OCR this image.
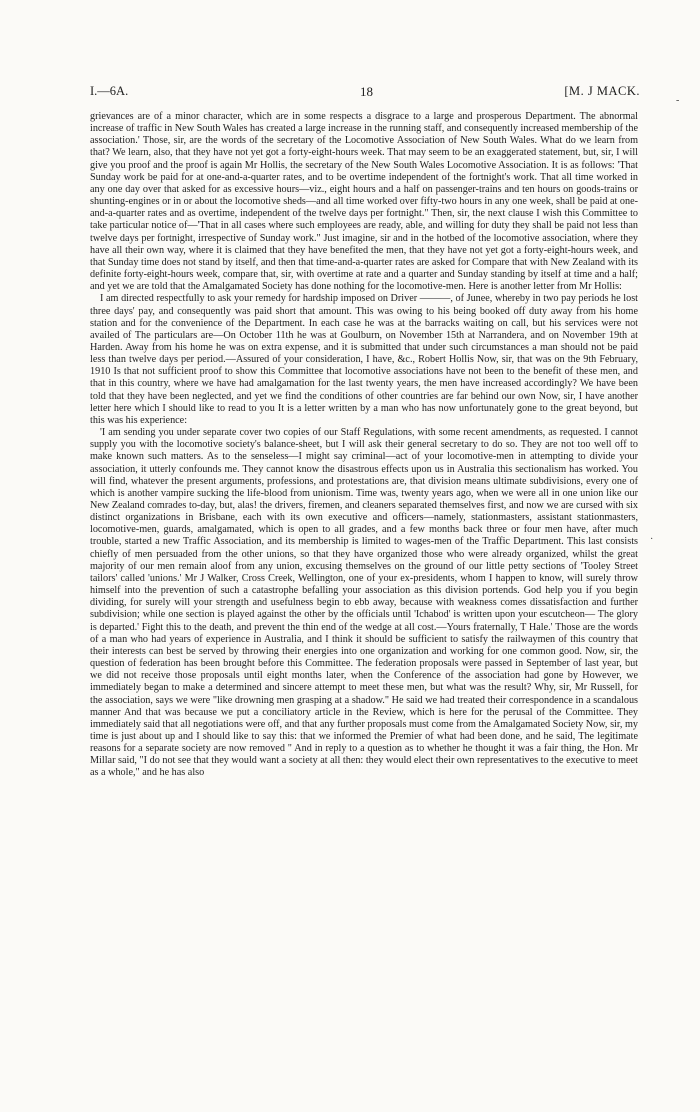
I.—6A.	18	[M. J MACK.
‐
·

grievances are of a minor character, which are in some respects a disgrace to a large and prosperous Department. The abnormal increase of traffic in New South Wales has created a large increase in the running staff, and consequently increased membership of the association.' Those, sir, are the words of the secretary of the Locomotive Association of New South Wales. What do we learn from that? We learn, also, that they have not yet got a forty-eight-hours week. That may seem to be an exaggerated statement, but, sir, I will give you proof and the proof is again Mr Hollis, the secretary of the New South Wales Locomotive Association. It is as follows: 'That Sunday work be paid for at one-and-a-quarter rates, and to be overtime independent of the fortnight's work. That all time worked in any one day over that asked for as excessive hours—viz., eight hours and a half on passenger-trains and ten hours on goods-trains or shunting-engines or in or about the locomotive sheds—and all time worked over fifty-two hours in any one week, shall be paid at one-and-a-quarter rates and as overtime, independent of the twelve days per fortnight." Then, sir, the next clause I wish this Committee to take particular notice of—'That in all cases where such employees are ready, able, and willing for duty they shall be paid not less than twelve days per fortnight, irrespective of Sunday work." Just imagine, sir and in the hotbed of the locomotive association, where they have all their own way, where it is claimed that they have benefited the men, that they have not yet got a forty-eight-hours week, and that Sunday time does not stand by itself, and then that time-and-a-quarter rates are asked for Compare that with New Zealand with its definite forty-eight-hours week, compare that, sir, with overtime at rate and a quarter and Sunday standing by itself at time and a half; and yet we are told that the Amalgamated Society has done nothing for the locomotive-men. Here is another letter from Mr Hollis:

I am directed respectfully to ask your remedy for hardship imposed on Driver ———, of Junee, whereby in two pay periods he lost three days' pay, and consequently was paid short that amount. This was owing to his being booked off duty away from his home station and for the convenience of the Department. In each case he was at the barracks waiting on call, but his services were not availed of The particulars are—On October 11th he was at Goulburn, on November 15th at Narrandera, and on November 19th at Harden. Away from his home he was on extra expense, and it is submitted that under such circumstances a man should not be paid less than twelve days per period.—Assured of your consideration, I have, &c., Robert Hollis Now, sir, that was on the 9th February, 1910 Is that not sufficient proof to show this Committee that locomotive associations have not been to the benefit of these men, and that in this country, where we have had amalgamation for the last twenty years, the men have increased accordingly? We have been told that they have been neglected, and yet we find the conditions of other countries are far behind our own Now, sir, I have another letter here which I should like to read to you It is a letter written by a man who has now unfortunately gone to the great beyond, but this was his experience:

'I am sending you under separate cover two copies of our Staff Regulations, with some recent amendments, as requested. I cannot supply you with the locomotive society's balance-sheet, but I will ask their general secretary to do so. They are not too well off to make known such matters. As to the senseless—I might say criminal—act of your locomotive-men in attempting to divide your association, it utterly confounds me. They cannot know the disastrous effects upon us in Australia this sectionalism has worked. You will find, whatever the present arguments, professions, and protestations are, that division means ultimate subdivisions, every one of which is another vampire sucking the life-blood from unionism. Time was, twenty years ago, when we were all in one union like our New Zealand comrades to-day, but, alas! the drivers, firemen, and cleaners separated themselves first, and now we are cursed with six distinct organizations in Brisbane, each with its own executive and officers—namely, stationmasters, assistant stationmasters, locomotive-men, guards, amalgamated, which is open to all grades, and a few months back three or four men have, after much trouble, started a new Traffic Association, and its membership is limited to wages-men of the Traffic Department. This last consists chiefly of men persuaded from the other unions, so that they have organized those who were already organized, whilst the great majority of our men remain aloof from any union, excusing themselves on the ground of our little petty sections of 'Tooley Street tailors' called 'unions.' Mr J Walker, Cross Creek, Wellington, one of your ex-presidents, whom I happen to know, will surely throw himself into the prevention of such a catastrophe befalling your association as this division portends. God help you if you begin dividing, for surely will your strength and usefulness begin to ebb away, because with weakness comes dissatisfaction and further subdivision; while one section is played against the other by the officials until 'Ichabod' is written upon your escutcheon— The glory is departed.' Fight this to the death, and prevent the thin end of the wedge at all cost.—Yours fraternally, T Hale.' Those are the words of a man who had years of experience in Australia, and I think it should be sufficient to satisfy the railwaymen of this country that their interests can best be served by throwing their energies into one organization and working for one common good. Now, sir, the question of federation has been brought before this Committee. The federation proposals were passed in September of last year, but we did not receive those proposals until eight months later, when the Conference of the association had gone by However, we immediately began to make a determined and sincere attempt to meet these men, but what was the result? Why, sir, Mr Russell, for the association, says we were "like drowning men grasping at a shadow." He said we had treated their correspondence in a scandalous manner And that was because we put a conciliatory article in the Review, which is here for the perusal of the Committee. They immediately said that all negotiations were off, and that any further proposals must come from the Amalgamated Society Now, sir, my time is just about up and I should like to say this: that we informed the Premier of what had been done, and he said, The legitimate reasons for a separate society are now removed " And in reply to a question as to whether he thought it was a fair thing, the Hon. Mr Millar said, "I do not see that they would want a society at all then: they would elect their own representatives to the executive to meet as a whole," and he has also
